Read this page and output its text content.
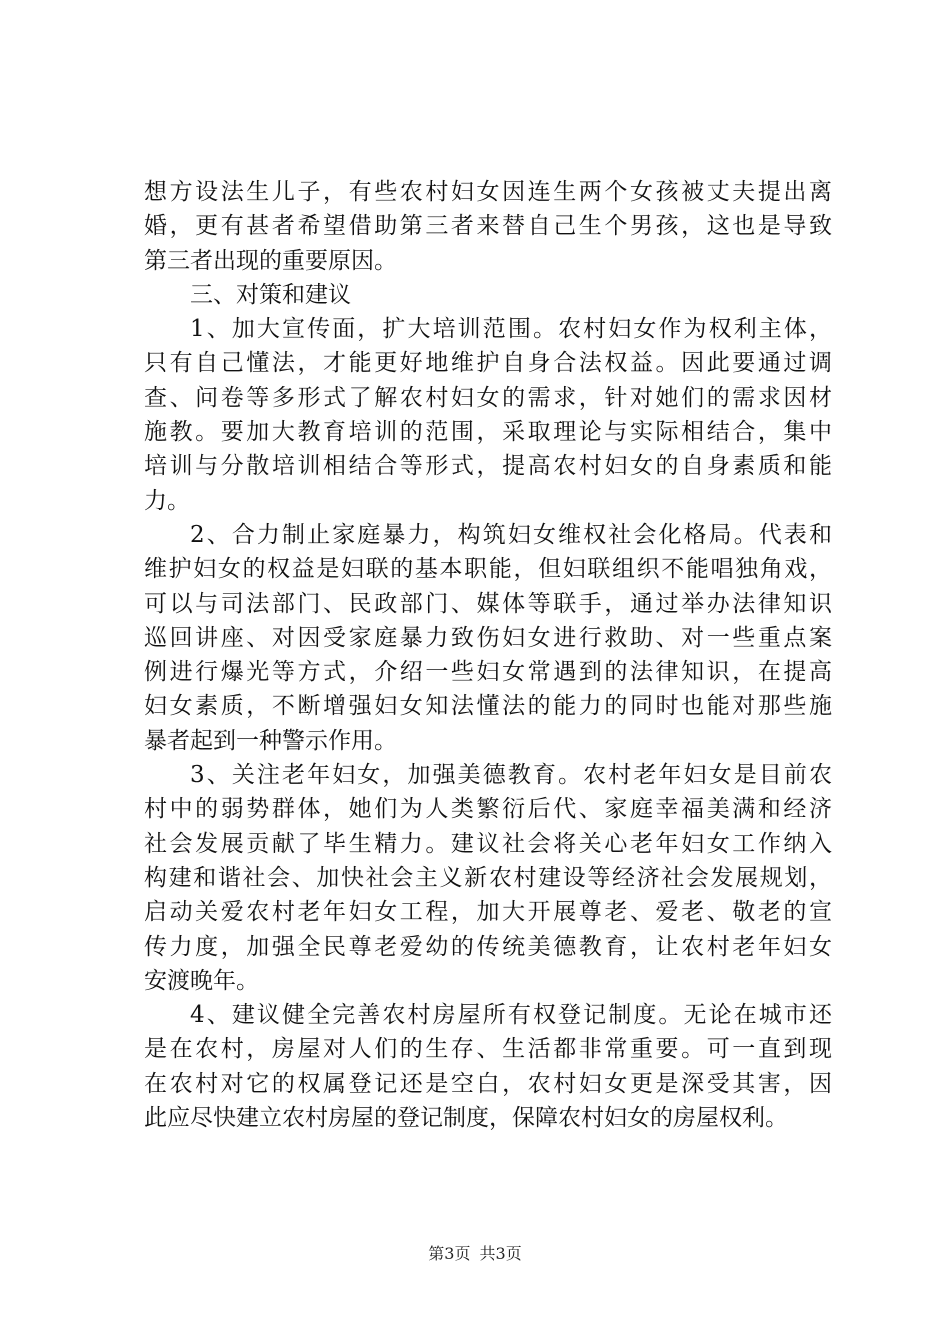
想方设法生儿子，有些农村妇女因连生两个女孩被丈夫提出离
婚，更有甚者希望借助第三者来替自己生个男孩，这也是导致
第三者出现的重要原因。
三、对策和建议
1、加大宣传面，扩大培训范围。农村妇女作为权利主体，
只有自己懂法，才能更好地维护自身合法权益。因此要通过调
查、问卷等多形式了解农村妇女的需求，针对她们的需求因材
施教。要加大教育培训的范围，采取理论与实际相结合，集中
培训与分散培训相结合等形式，提高农村妇女的自身素质和能
力。
2、合力制止家庭暴力，构筑妇女维权社会化格局。代表和
维护妇女的权益是妇联的基本职能，但妇联组织不能唱独角戏，
可以与司法部门、民政部门、媒体等联手，通过举办法律知识
巡回讲座、对因受家庭暴力致伤妇女进行救助、对一些重点案
例进行爆光等方式，介绍一些妇女常遇到的法律知识，在提高
妇女素质，不断增强妇女知法懂法的能力的同时也能对那些施
暴者起到一种警示作用。
3、关注老年妇女，加强美德教育。农村老年妇女是目前农
村中的弱势群体，她们为人类繁衍后代、家庭幸福美满和经济
社会发展贡献了毕生精力。建议社会将关心老年妇女工作纳入
构建和谐社会、加快社会主义新农村建设等经济社会发展规划，
启动关爱农村老年妇女工程，加大开展尊老、爱老、敬老的宣
传力度，加强全民尊老爱幼的传统美德教育，让农村老年妇女
安渡晚年。
4、建议健全完善农村房屋所有权登记制度。无论在城市还
是在农村，房屋对人们的生存、生活都非常重要。可一直到现
在农村对它的权属登记还是空白，农村妇女更是深受其害，因
此应尽快建立农村房屋的登记制度，保障农村妇女的房屋权利。
第3页 共3页
